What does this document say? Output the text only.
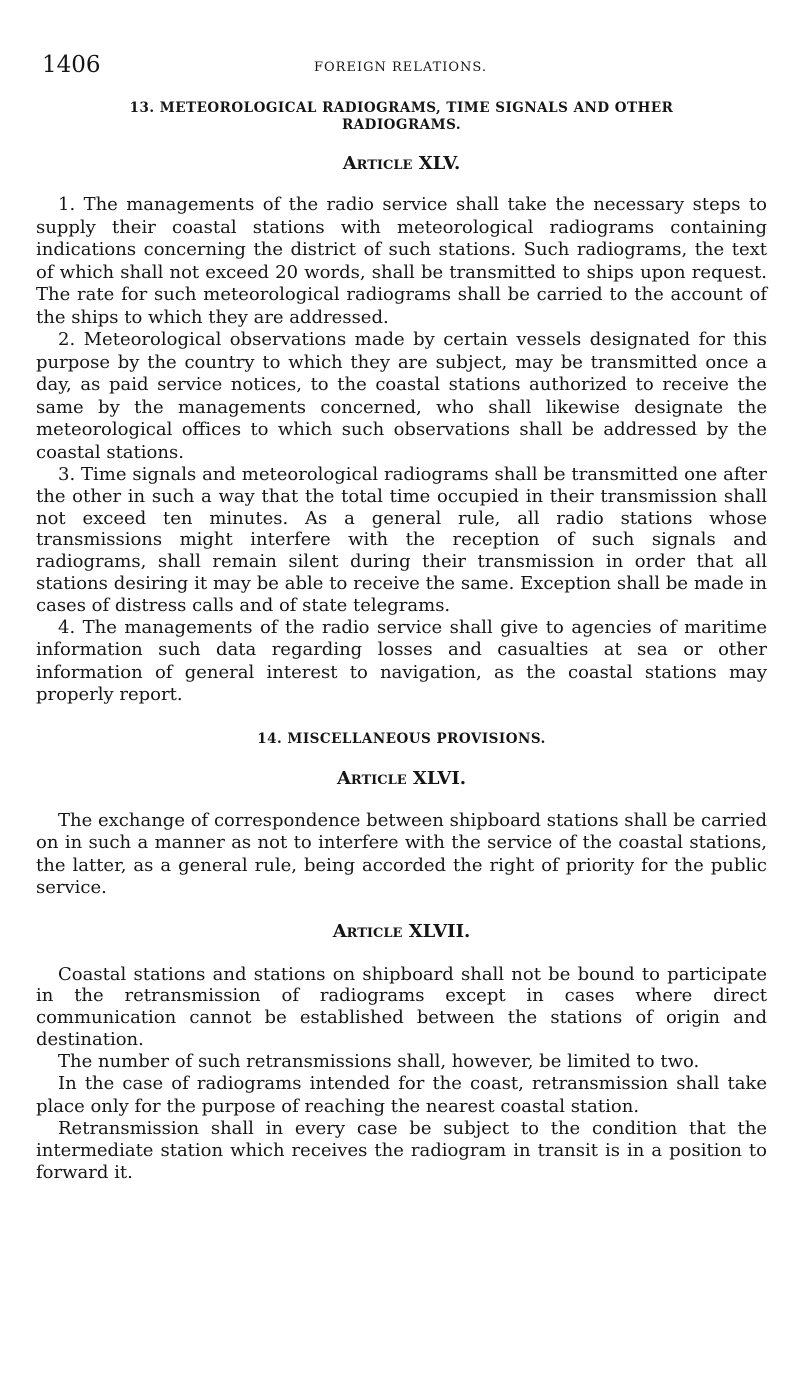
1406	FOREIGN RELATIONS.
13. METEOROLOGICAL RADIOGRAMS, TIME SIGNALS AND OTHER RADIOGRAMS.
Article XLV.

1. The managements of the radio service shall take the necessary steps to supply their coastal stations with meteorological radiograms containing indications concerning the district of such stations. Such radiograms, the text of which shall not exceed 20 words, shall be transmitted to ships upon request. The rate for such meteorological radiograms shall be carried to the account of the ships to which they are addressed.

2. Meteorological observations made by certain vessels designated for this purpose by the country to which they are subject, may be transmitted once a day, as paid service notices, to the coastal stations authorized to receive the same by the managements concerned, who shall likewise designate the meteorological offices to which such observations shall be addressed by the coastal stations.

3. Time signals and meteorological radiograms shall be transmitted one after the other in such a way that the total time occupied in their transmission shall not exceed ten minutes. As a general rule, all radio stations whose transmissions might interfere with the reception of such signals and radiograms, shall remain silent during their transmission in order that all stations desiring it may be able to receive the same. Exception shall be made in cases of distress calls and of state telegrams.

4. The managements of the radio service shall give to agencies of maritime information such data regarding losses and casualties at sea or other information of general interest to navigation, as the coastal stations may properly report.

14. MISCELLANEOUS PROVISIONS.
Article XLVI.

The exchange of correspondence between shipboard stations shall be carried on in such a manner as not to interfere with the service of the coastal stations, the latter, as a general rule, being accorded the right of priority for the public service.

Article XLVII.

Coastal stations and stations on shipboard shall not be bound to participate in the retransmission of radiograms except in cases where direct communication cannot be established between the stations of origin and destination.

The number of such retransmissions shall, however, be limited to two.

In the case of radiograms intended for the coast, retransmission shall take place only for the purpose of reaching the nearest coastal station.

Retransmission shall in every case be subject to the condition that the intermediate station which receives the radiogram in transit is in a position to forward it.
